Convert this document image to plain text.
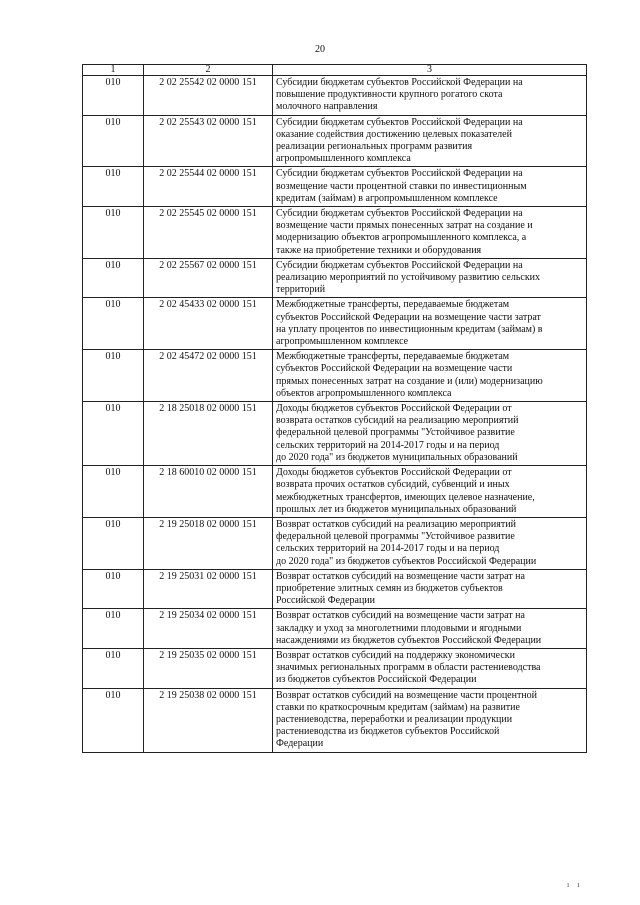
20
1	2	3
010	2 02 25542 02 0000 151	Субсидии бюджетам субъектов Российской Федерации на
повышение продуктивности крупного рогатого скота
молочного направления

010	2 02 25543 02 0000 151	Субсидии бюджетам субъектов Российской Федерации на
оказание содействия достижению целевых показателей
реализации региональных программ развития
агропромышленного комплекса

010	2 02 25544 02 0000 151	Субсидии бюджетам субъектов Российской Федерации на
возмещение части процентной ставки по инвестиционным
кредитам (займам) в агропромышленном комплексе

010	2 02 25545 02 0000 151	Субсидии бюджетам субъектов Российской Федерации на
возмещение части прямых понесенных затрат на создание и
модернизацию объектов агропромышленного комплекса, а
также на приобретение техники и оборудования

010	2 02 25567 02 0000 151	Субсидии бюджетам субъектов Российской Федерации на
реализацию мероприятий по устойчивому развитию сельских
территорий

010	2 02 45433 02 0000 151	Межбюджетные трансферты, передаваемые бюджетам
субъектов Российской Федерации на возмещение части затрат
на уплату процентов по инвестиционным кредитам (займам) в
агропромышленном комплексе

010	2 02 45472 02 0000 151	Межбюджетные трансферты, передаваемые бюджетам
субъектов Российской Федерации на возмещение части
прямых понесенных затрат на создание и (или) модернизацию
объектов агропромышленного комплекса

010	2 18 25018 02 0000 151	Доходы бюджетов субъектов Российской Федерации от
возврата остатков субсидий на реализацию мероприятий
федеральной целевой программы "Устойчивое развитие
сельских территорий на 2014-2017 годы и на период
до 2020 года" из бюджетов муниципальных образований

010	2 18 60010 02 0000 151	Доходы бюджетов субъектов Российской Федерации от
возврата прочих остатков субсидий, субвенций и иных
межбюджетных трансфертов, имеющих целевое назначение,
прошлых лет из бюджетов муниципальных образований

010	2 19 25018 02 0000 151	Возврат остатков субсидий на реализацию мероприятий
федеральной целевой программы "Устойчивое развитие
сельских территорий на 2014-2017 годы и на период
до 2020 года" из бюджетов субъектов Российской Федерации

010	2 19 25031 02 0000 151	Возврат остатков субсидий на возмещение части затрат на
приобретение элитных семян из бюджетов субъектов
Российской Федерации

010	2 19 25034 02 0000 151	Возврат остатков субсидий на возмещение части затрат на
закладку и уход за многолетними плодовыми и ягодными
насаждениями из бюджетов субъектов Российской Федерации

010	2 19 25035 02 0000 151	Возврат остатков субсидий на поддержку экономически
значимых региональных программ в области растениеводства
из бюджетов субъектов Российской Федерации

010	2 19 25038 02 0000 151	Возврат остатков субсидий на возмещение части процентной
ставки по краткосрочным кредитам (займам) на развитие
растениеводства, переработки и реализации продукции
растениеводства из бюджетов субъектов Российской
Федерации
ı ı
